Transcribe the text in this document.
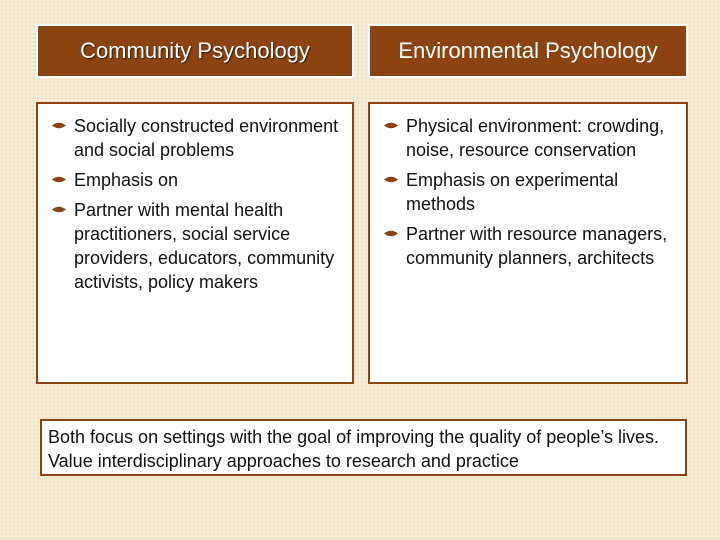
Community Psychology	Environmental Psychology
Socially constructed environment and social problems
Emphasis on
Partner with mental health practitioners, social service providers, educators, community activists, policy makers
Physical environment: crowding, noise, resource conservation
Emphasis on experimental methods
Partner with resource managers, community planners, architects
Both focus on settings with the goal of improving the quality of people’s lives. Value interdisciplinary approaches to research and practice
